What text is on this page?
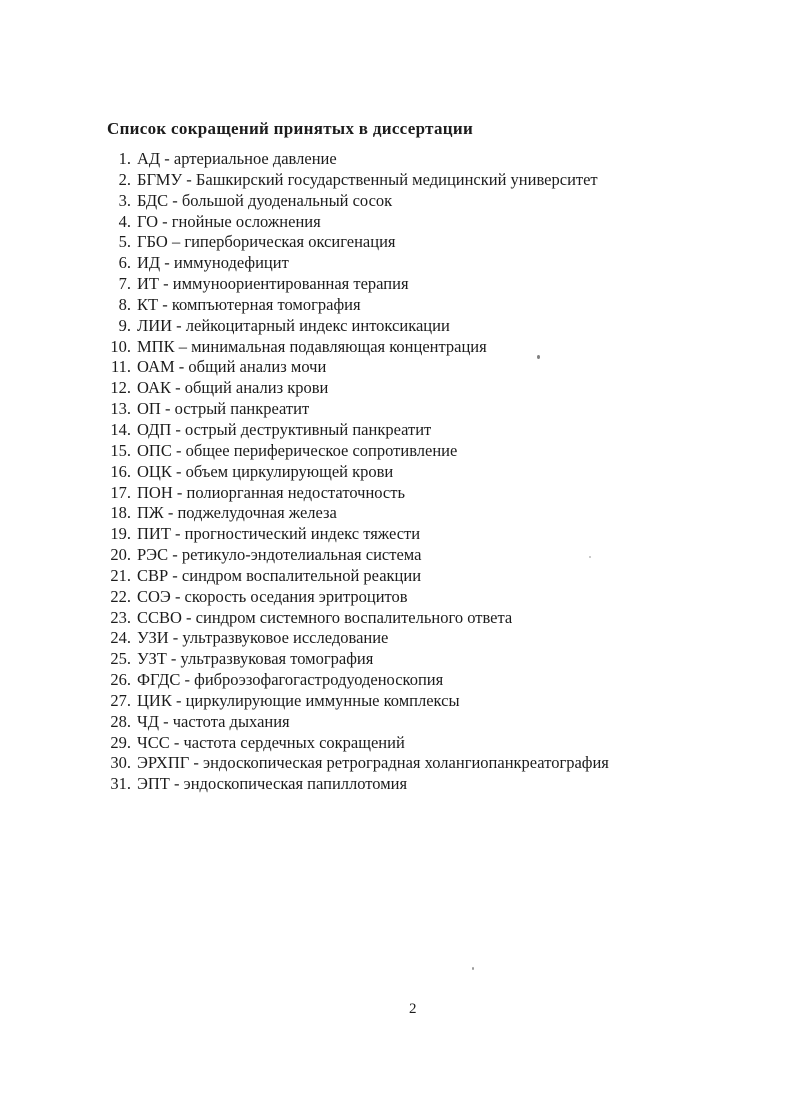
Список сокращений принятых в диссертации
1. АД - артериальное давление
2. БГМУ - Башкирский государственный медицинский университет
3. БДС - большой дуоденальный сосок
4. ГО - гнойные осложнения
5. ГБО – гиперборическая оксигенация
6. ИД - иммунодефицит
7. ИТ - иммуноориентированная терапия
8. КТ - компъютерная томография
9. ЛИИ - лейкоцитарный индекс интоксикации
10. МПК – минимальная подавляющая концентрация
11. ОАМ - общий анализ мочи
12. ОАК - общий анализ крови
13. ОП - острый панкреатит
14. ОДП - острый деструктивный панкреатит
15. ОПС - общее периферическое сопротивление
16. ОЦК - объем циркулирующей крови
17. ПОН - полиорганная недостаточность
18. ПЖ - поджелудочная железа
19. ПИТ - прогностический индекс тяжести
20. РЭС - ретикуло-эндотелиальная система
21. СВР - синдром воспалительной реакции
22. СОЭ - скорость оседания эритроцитов
23. ССВО - синдром системного воспалительного ответа
24. УЗИ - ультразвуковое исследование
25. УЗТ - ультразвуковая томография
26. ФГДС - фиброэзофагогастродуоденоскопия
27. ЦИК - циркулирующие иммунные комплексы
28. ЧД - частота дыхания
29. ЧСС - частота сердечных сокращений
30. ЭРХПГ - эндоскопическая ретроградная холангиопанкреатография
31. ЭПТ - эндоскопическая папиллотомия
2
